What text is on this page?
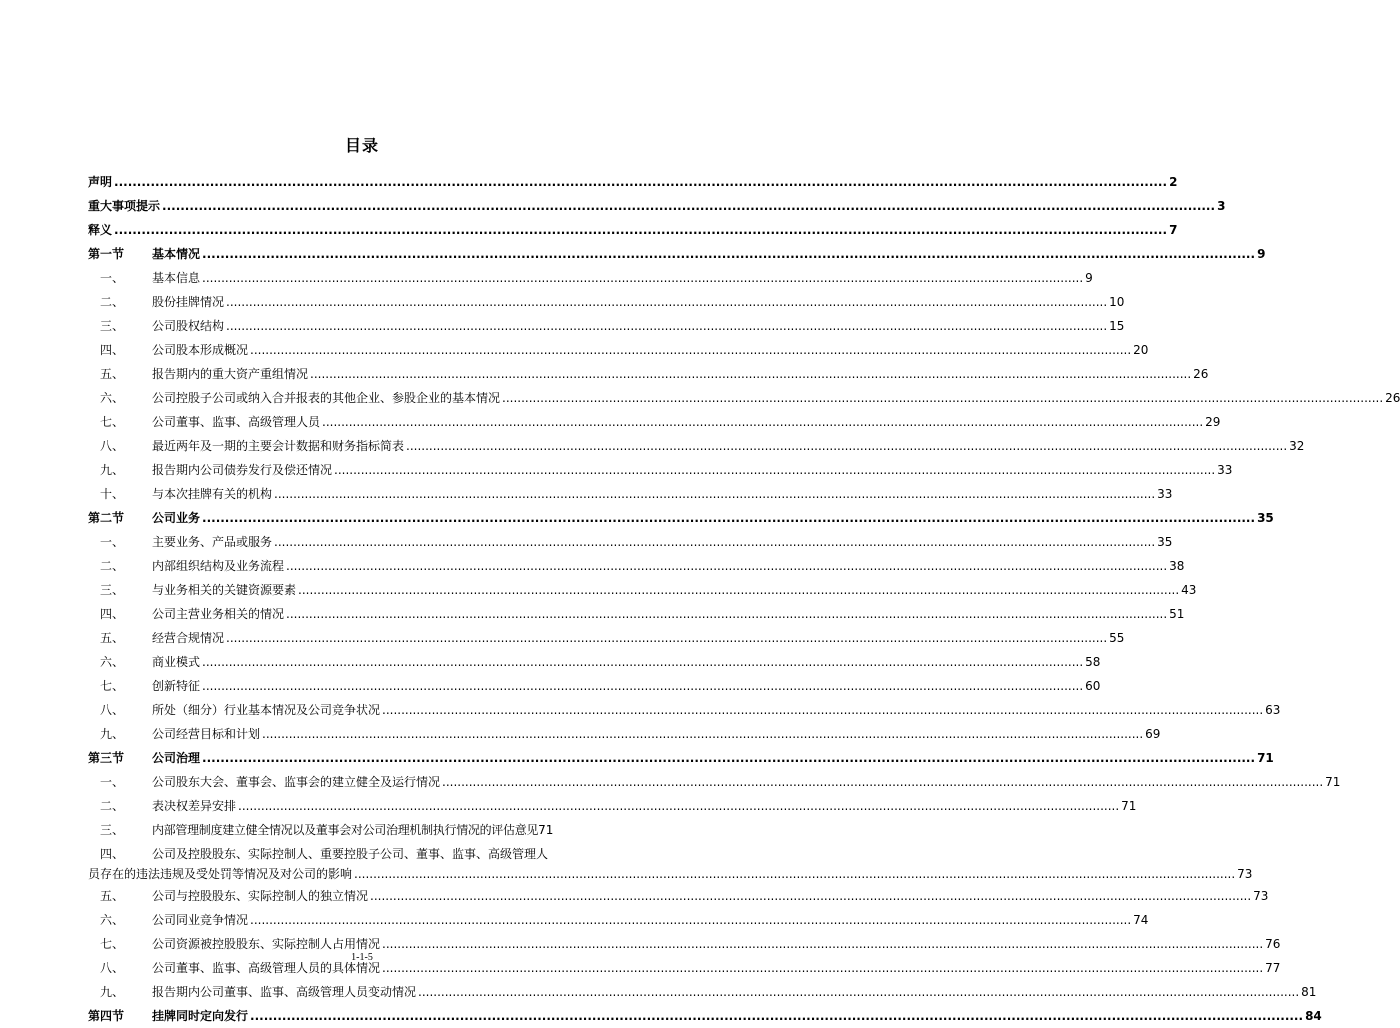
目录
声明 .....	2
重大事项提示 .....	3
释义 .....	7
第一节	基本情况 .....	9
一、	基本信息 .....	9
二、	股份挂牌情况 .....	10
三、	公司股权结构 .....	15
四、	公司股本形成概况 .....	20
五、	报告期内的重大资产重组情况 .....	26
六、	公司控股子公司或纳入合并报表的其他企业、参股企业的基本情况 .....	26
七、	公司董事、监事、高级管理人员 .....	29
八、	最近两年及一期的主要会计数据和财务指标简表 .....	32
九、	报告期内公司债券发行及偿还情况 .....	33
十、	与本次挂牌有关的机构 .....	33
第二节	公司业务 .....	35
一、	主要业务、产品或服务 .....	35
二、	内部组织结构及业务流程 .....	38
三、	与业务相关的关键资源要素 .....	43
四、	公司主营业务相关的情况 .....	51
五、	经营合规情况 .....	55
六、	商业模式 .....	58
七、	创新特征 .....	60
八、	所处（细分）行业基本情况及公司竞争状况 .....	63
九、	公司经营目标和计划 .....	69
第三节	公司治理 .....	71
一、	公司股东大会、董事会、监事会的建立健全及运行情况 .....	71
二、	表决权差异安排 .....	71
三、	内部管理制度建立健全情况以及董事会对公司治理机制执行情况的评估意见 71
四、	公司及控股股东、实际控制人、重要控股子公司、董事、监事、高级管理人
员存在的违法违规及受处罚等情况及对公司的影响 .....	73
五、	公司与控股股东、实际控制人的独立情况 .....	73
六、	公司同业竞争情况 .....	74
七、	公司资源被控股股东、实际控制人占用情况 .....	76
八、	公司董事、监事、高级管理人员的具体情况 .....	77
九、	报告期内公司董事、监事、高级管理人员变动情况 .....	81
第四节	挂牌同时定向发行 .....	84
1-1-5
